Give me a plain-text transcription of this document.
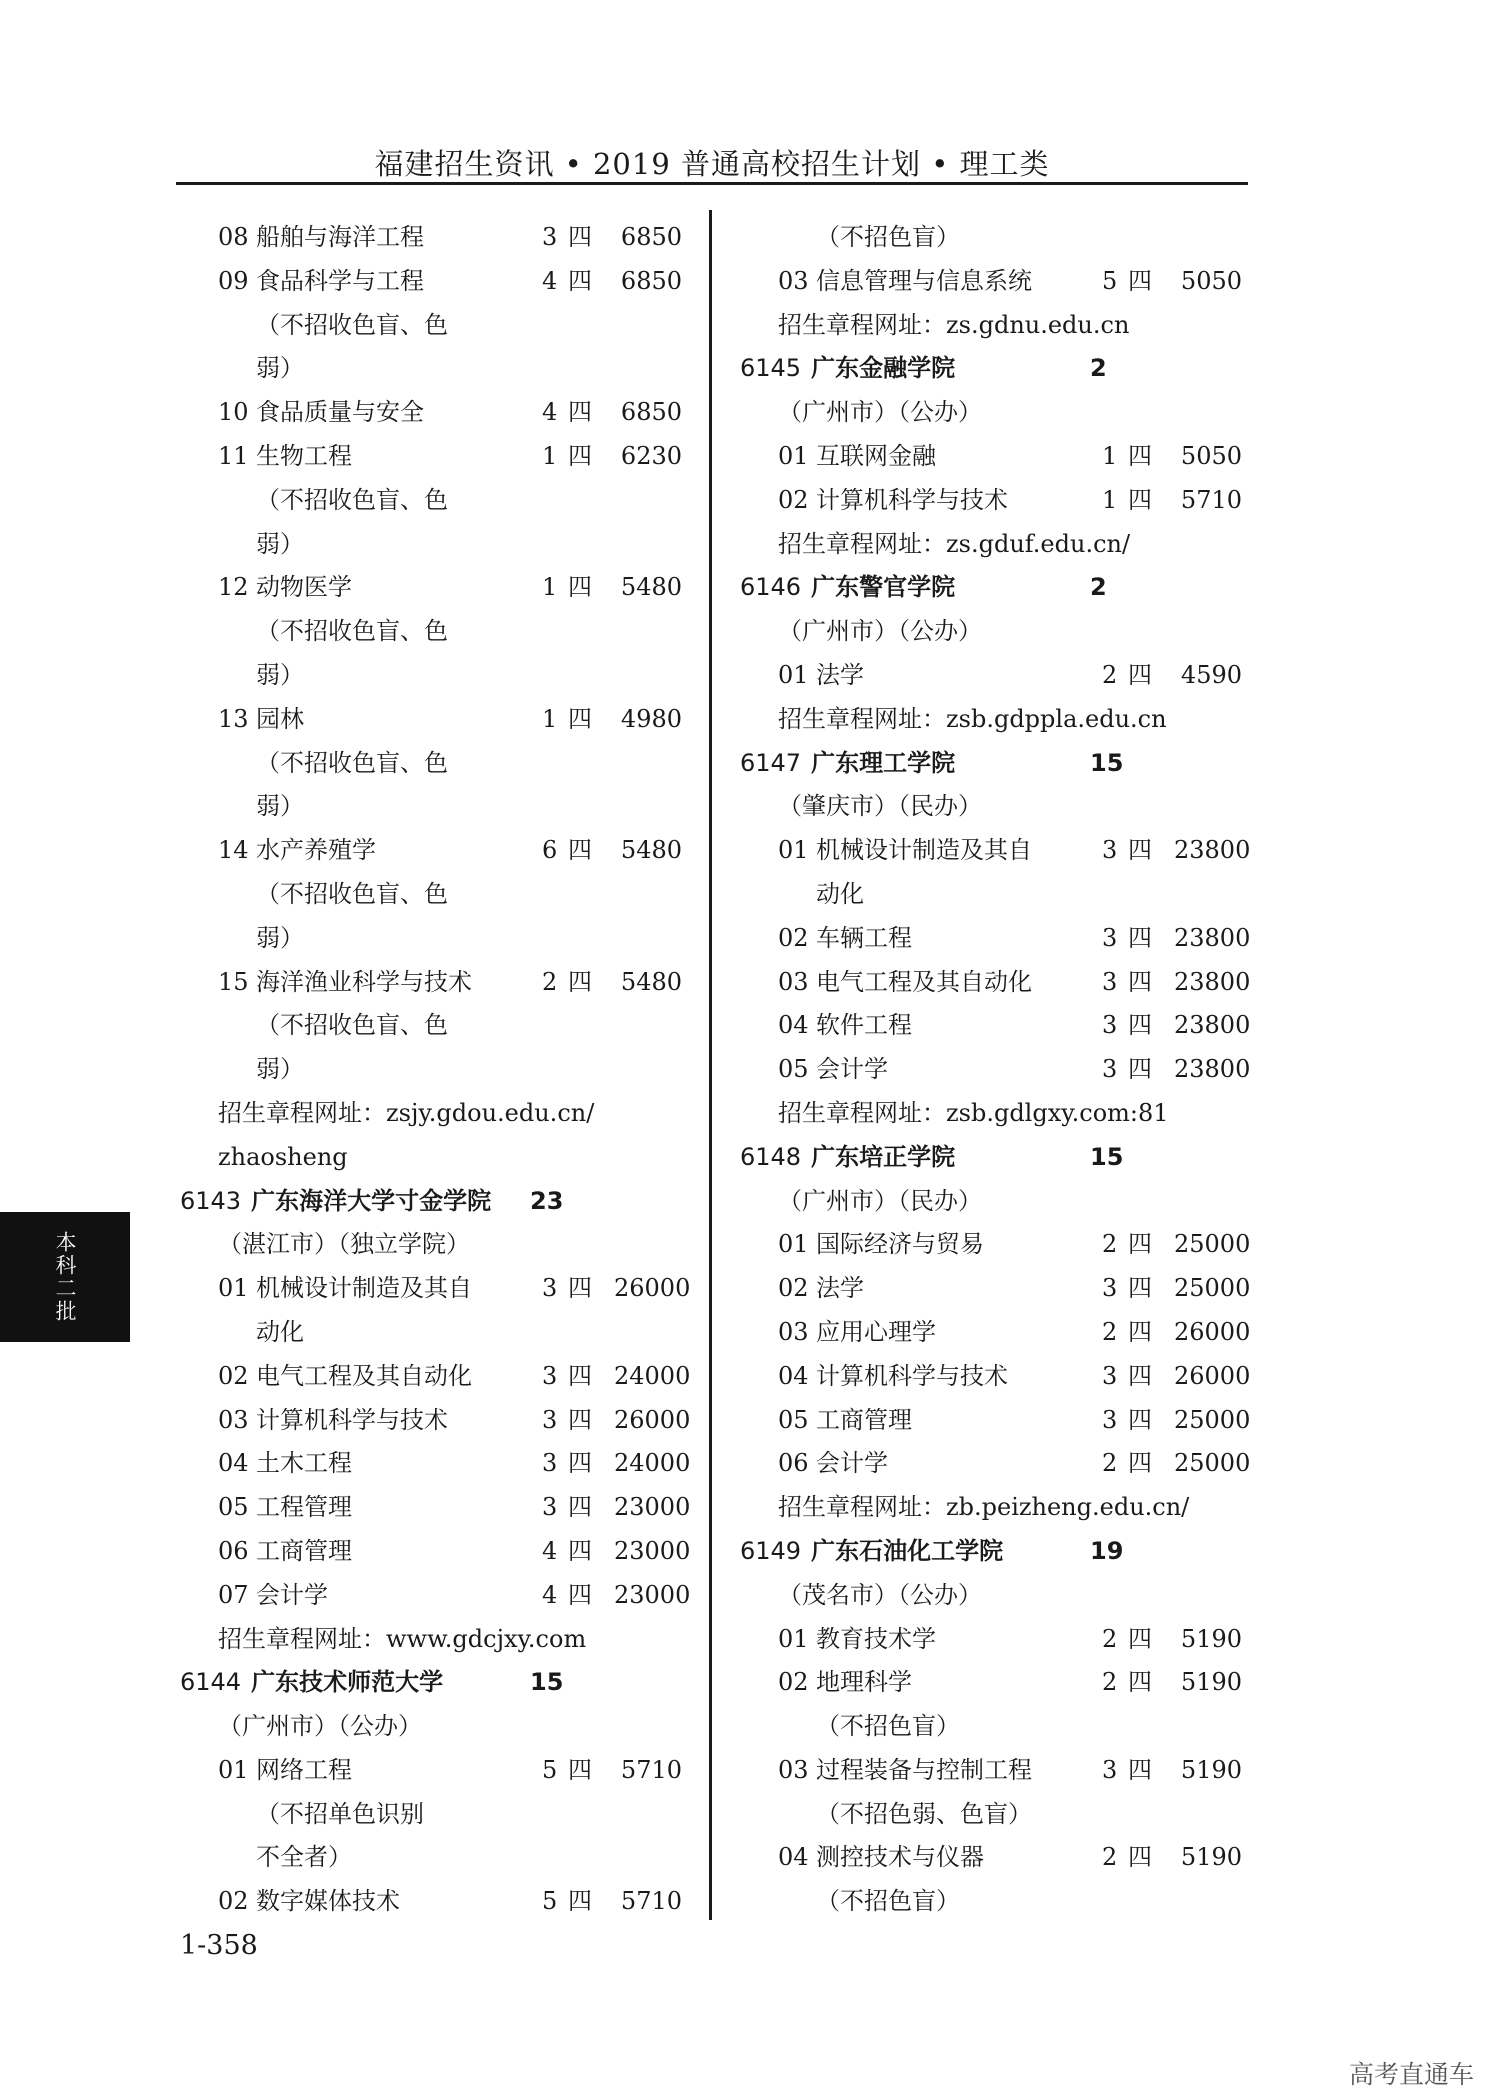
福建招生资讯 • 2019 普通高校招生计划 • 理工类
08 船舶与海洋工程	3 四 6850
09 食品科学与工程	4 四 6850
（不招收色盲、色
弱）
10 食品质量与安全	4 四 6850
11 生物工程	1 四 6230
（不招收色盲、色
弱）
12 动物医学	1 四 5480
（不招收色盲、色
弱）
13 园林	1 四 4980
（不招收色盲、色
弱）
14 水产养殖学	6 四 5480
（不招收色盲、色
弱）
15 海洋渔业科学与技术	2 四 5480
（不招收色盲、色
弱）
招生章程网址：zsjy.gdou.edu.cn/
zhaosheng
6143 广东海洋大学寸金学院 23
（湛江市）（独立学院）
01 机械设计制造及其自	3 四 26000
动化
02 电气工程及其自动化	3 四 24000
03 计算机科学与技术	3 四 26000
04 土木工程	3 四 24000
05 工程管理	3 四 23000
06 工商管理	4 四 23000
07 会计学	4 四 23000
招生章程网址：www.gdcjxy.com
6144 广东技术师范大学	15
（广州市）（公办）
01 网络工程	5 四 5710
（不招单色识别
不全者）
02 数字媒体技术	5 四 5710
（不招色盲）
03 信息管理与信息系统	5 四 5050
招生章程网址：zs.gdnu.edu.cn
6145 广东金融学院	2
（广州市）（公办）
01 互联网金融	1 四 5050
02 计算机科学与技术	1 四 5710
招生章程网址：zs.gduf.edu.cn/
6146 广东警官学院	2
（广州市）（公办）
01 法学	2 四 4590
招生章程网址：zsb.gdppla.edu.cn
6147 广东理工学院	15
（肇庆市）（民办）
01 机械设计制造及其自	3 四 23800
动化
02 车辆工程	3 四 23800
03 电气工程及其自动化	3 四 23800
04 软件工程	3 四 23800
05 会计学	3 四 23800
招生章程网址：zsb.gdlgxy.com:81
6148 广东培正学院	15
（广州市）（民办）
01 国际经济与贸易	2 四 25000
02 法学	3 四 25000
03 应用心理学	2 四 26000
04 计算机科学与技术	3 四 26000
05 工商管理	3 四 25000
06 会计学	2 四 25000
招生章程网址：zb.peizheng.edu.cn/
6149 广东石油化工学院	19
（茂名市）（公办）
01 教育技术学	2 四 5190
02 地理科学	2 四 5190
（不招色盲）
03 过程装备与控制工程	3 四 5190
（不招色弱、色盲）
04 测控技术与仪器	2 四 5190
（不招色盲）
本科二批
1-358
高考直通车
